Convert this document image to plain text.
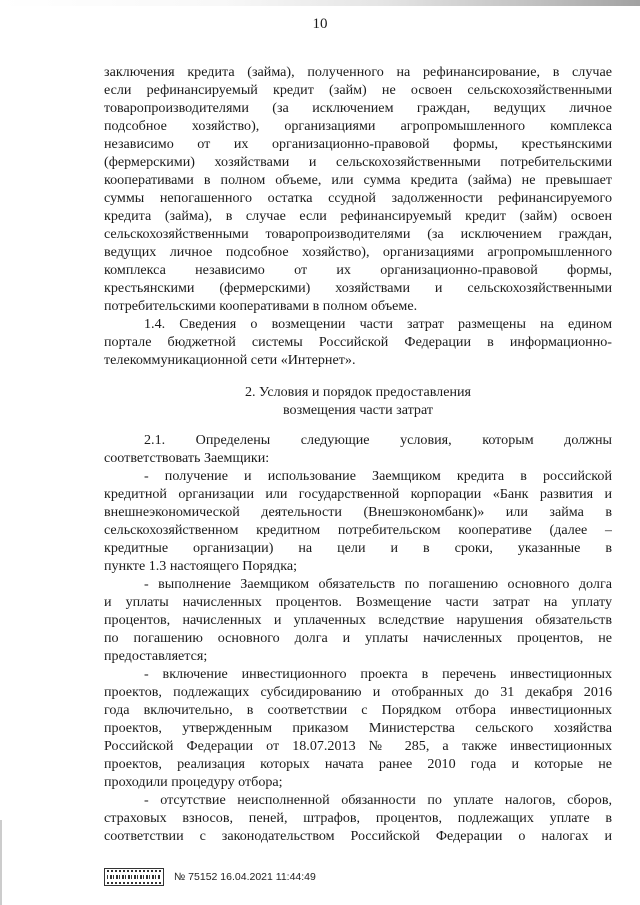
10
заключения кредита (займа), полученного на рефинансирование, в случае
если рефинансируемый кредит (займ) не освоен сельскохозяйственными
товаропроизводителями (за исключением граждан, ведущих личное
подсобное хозяйство), организациями агропромышленного комплекса
независимо от их организационно-правовой формы, крестьянскими
(фермерскими) хозяйствами и сельскохозяйственными потребительскими
кооперативами в полном объеме, или сумма кредита (займа) не превышает
суммы непогашенного остатка ссудной задолженности рефинансируемого
кредита (займа), в случае если рефинансируемый кредит (займ) освоен
сельскохозяйственными товаропроизводителями (за исключением граждан,
ведущих личное подсобное хозяйство), организациями агропромышленного
комплекса независимо от их организационно-правовой формы,
крестьянскими (фермерскими) хозяйствами и сельскохозяйственными
потребительскими кооперативами в полном объеме.
1.4. Сведения о возмещении части затрат размещены на едином
портале бюджетной системы Российской Федерации в информационно-
телекоммуникационной сети «Интернет».
2. Условия и порядок предоставления
возмещения части затрат
2.1. Определены следующие условия, которым должны
соответствовать Заемщики:
- получение и использование Заемщиком кредита в российской
кредитной организации или государственной корпорации «Банк развития и
внешнеэкономической деятельности (Внешэкономбанк)» или займа в
сельскохозяйственном кредитном потребительском кооперативе (далее –
кредитные организации) на цели и в сроки, указанные в
пункте 1.3 настоящего Порядка;
- выполнение Заемщиком обязательств по погашению основного долга
и уплаты начисленных процентов. Возмещение части затрат на уплату
процентов, начисленных и уплаченных вследствие нарушения обязательств
по погашению основного долга и уплаты начисленных процентов, не
предоставляется;
- включение инвестиционного проекта в перечень инвестиционных
проектов, подлежащих субсидированию и отобранных до 31 декабря 2016
года включительно, в соответствии с Порядком отбора инвестиционных
проектов, утвержденным приказом Министерства сельского хозяйства
Российской Федерации от 18.07.2013 № 285, а также инвестиционных
проектов, реализация которых начата ранее 2010 года и которые не
проходили процедуру отбора;
- отсутствие неисполненной обязанности по уплате налогов, сборов,
страховых взносов, пеней, штрафов, процентов, подлежащих уплате в
соответствии с законодательством Российской Федерации о налогах и
№ 75152 16.04.2021 11:44:49
